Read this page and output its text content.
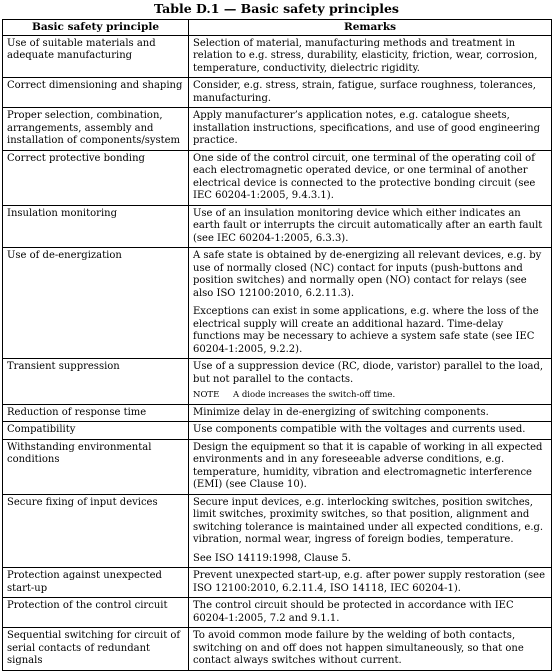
Table D.1 — Basic safety principles
Basic safety principle	Remarks
Use of suitable materials and adequate manufacturing	Selection of material, manufacturing methods and treatment in relation to e.g. stress, durability, elasticity, friction, wear, corrosion, temperature, conductivity, dielectric rigidity.

Correct dimensioning and shaping	Consider, e.g. stress, strain, fatigue, surface roughness, tolerances, manufacturing.

Proper selection, combination, arrangements, assembly and installation of components/system	Apply manufacturer’s application notes, e.g. catalogue sheets, installation instructions, specifications, and use of good engineering practice.

Correct protective bonding	One side of the control circuit, one terminal of the operating coil of each electromagnetic operated device, or one terminal of another electrical device is connected to the protective bonding circuit (see IEC 60204-1:2005, 9.4.3.1).

Insulation monitoring	Use of an insulation monitoring device which either indicates an earth fault or interrupts the circuit automatically after an earth fault (see IEC 60204-1:2005, 6.3.3).

Use of de-energization	A safe state is obtained by de-energizing all relevant devices, e.g. by use of normally closed (NC) contact for inputs (push-buttons and position switches) and normally open (NO) contact for relays (see also ISO 12100:2010, 6.2.11.3).
Exceptions can exist in some applications, e.g. where the loss of the electrical supply will create an additional hazard. Time-delay functions may be necessary to achieve a system safe state (see IEC 60204-1:2005, 9.2.2).

Transient suppression	Use of a suppression device (RC, diode, varistor) parallel to the load, but not parallel to the contacts.
NOTE A diode increases the switch-off time.

Reduction of response time	Minimize delay in de-energizing of switching components.

Compatibility	Use components compatible with the voltages and currents used.

Withstanding environmental conditions	Design the equipment so that it is capable of working in all expected environments and in any foreseeable adverse conditions, e.g. temperature, humidity, vibration and electromagnetic interference (EMI) (see Clause 10).

Secure fixing of input devices	Secure input devices, e.g. interlocking switches, position switches, limit switches, proximity switches, so that position, alignment and switching tolerance is maintained under all expected conditions, e.g. vibration, normal wear, ingress of foreign bodies, temperature.
See ISO 14119:1998, Clause 5.

Protection against unexpected start-up	Prevent unexpected start-up, e.g. after power supply restoration (see ISO 12100:2010, 6.2.11.4, ISO 14118, IEC 60204-1).

Protection of the control circuit	The control circuit should be protected in accordance with IEC 60204-1:2005, 7.2 and 9.1.1.

Sequential switching for circuit of serial contacts of redundant signals	To avoid common mode failure by the welding of both contacts, switching on and off does not happen simultaneously, so that one contact always switches without current.
